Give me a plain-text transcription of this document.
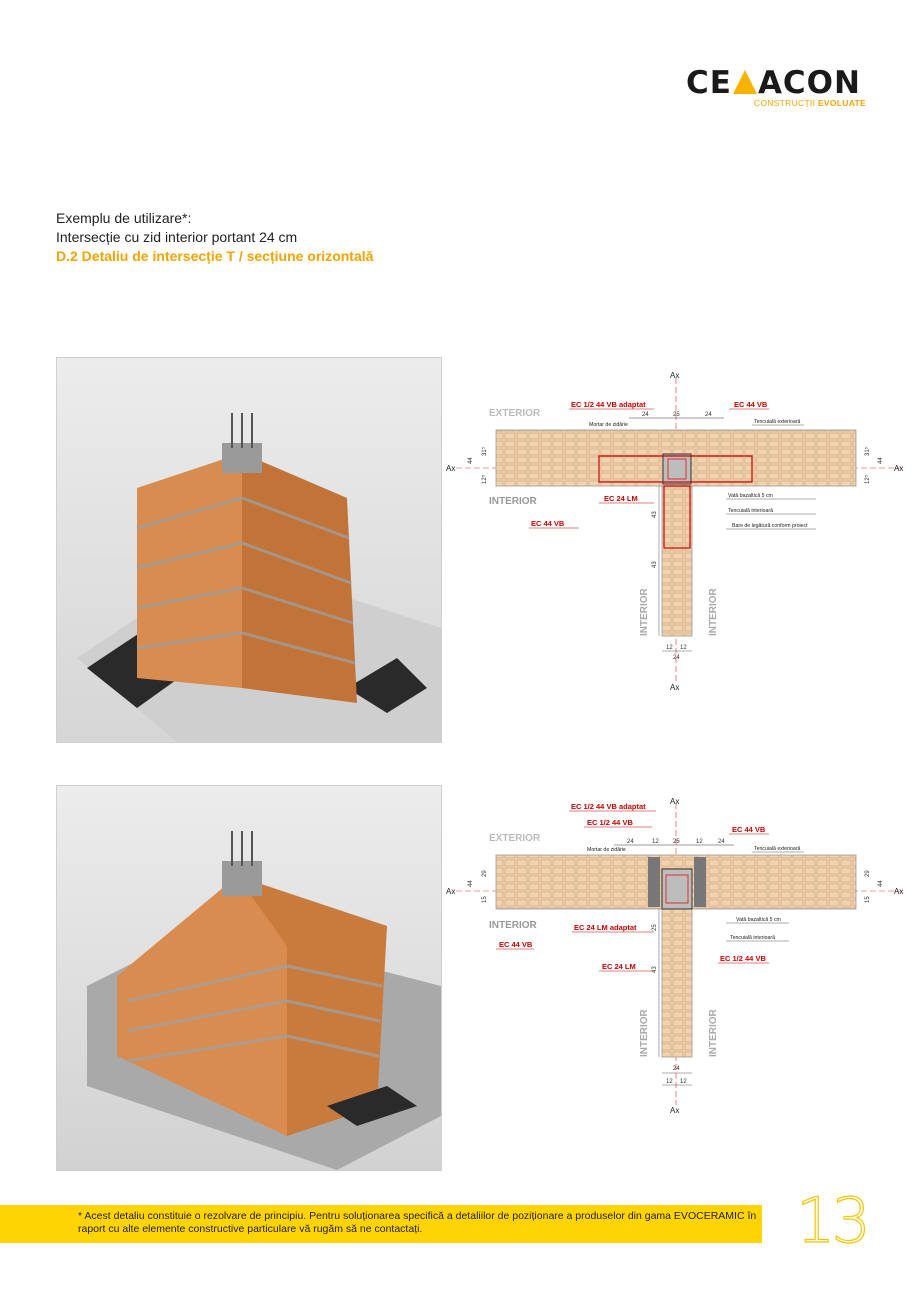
CE ACON
CONSTRUCȚII EVOLUATE
Exemplu de utilizare*:
Intersecție cu zid interior portant 24 cm
D.2 Detaliu de intersecție T / secțiune orizontală
Ax
Ax
Ax	Ax
EXTERIOR
INTERIOR
INTERIOR	INTERIOR
EC 1/2 44 VB adaptat	EC 44 VB
EC 24 LM
EC 44 VB
24	25	24
Mortar de zidărie	Tencuială exterioară
Vată bazaltică 5 cm
Tencuială interioară
Bare de legătură conform proiect
44
31⁵
12⁵
44
31⁵
12⁵
43
43
12 12
24
Ax
Ax
Ax	Ax
EXTERIOR
INTERIOR
INTERIOR	INTERIOR
EC 1/2 44 VB adaptat
EC 1/2 44 VB
EC 44 VB
EC 24 LM adaptat
EC 44 VB
EC 24 LM
EC 1/2 44 VB
24	12 25	12	24
Mortar de zidărie	Tencuială exterioară
Vată bazaltică 5 cm
Tencuială interioară
44
29
15
44
29
15
25
43
24
12 12
* Acest detaliu constituie o rezolvare de principiu. Pentru soluționarea specifică a detaliilor de poziționare a produselor din gama EVOCERAMIC în raport cu alte elemente constructive particulare vă rugăm să ne contactați.	13
